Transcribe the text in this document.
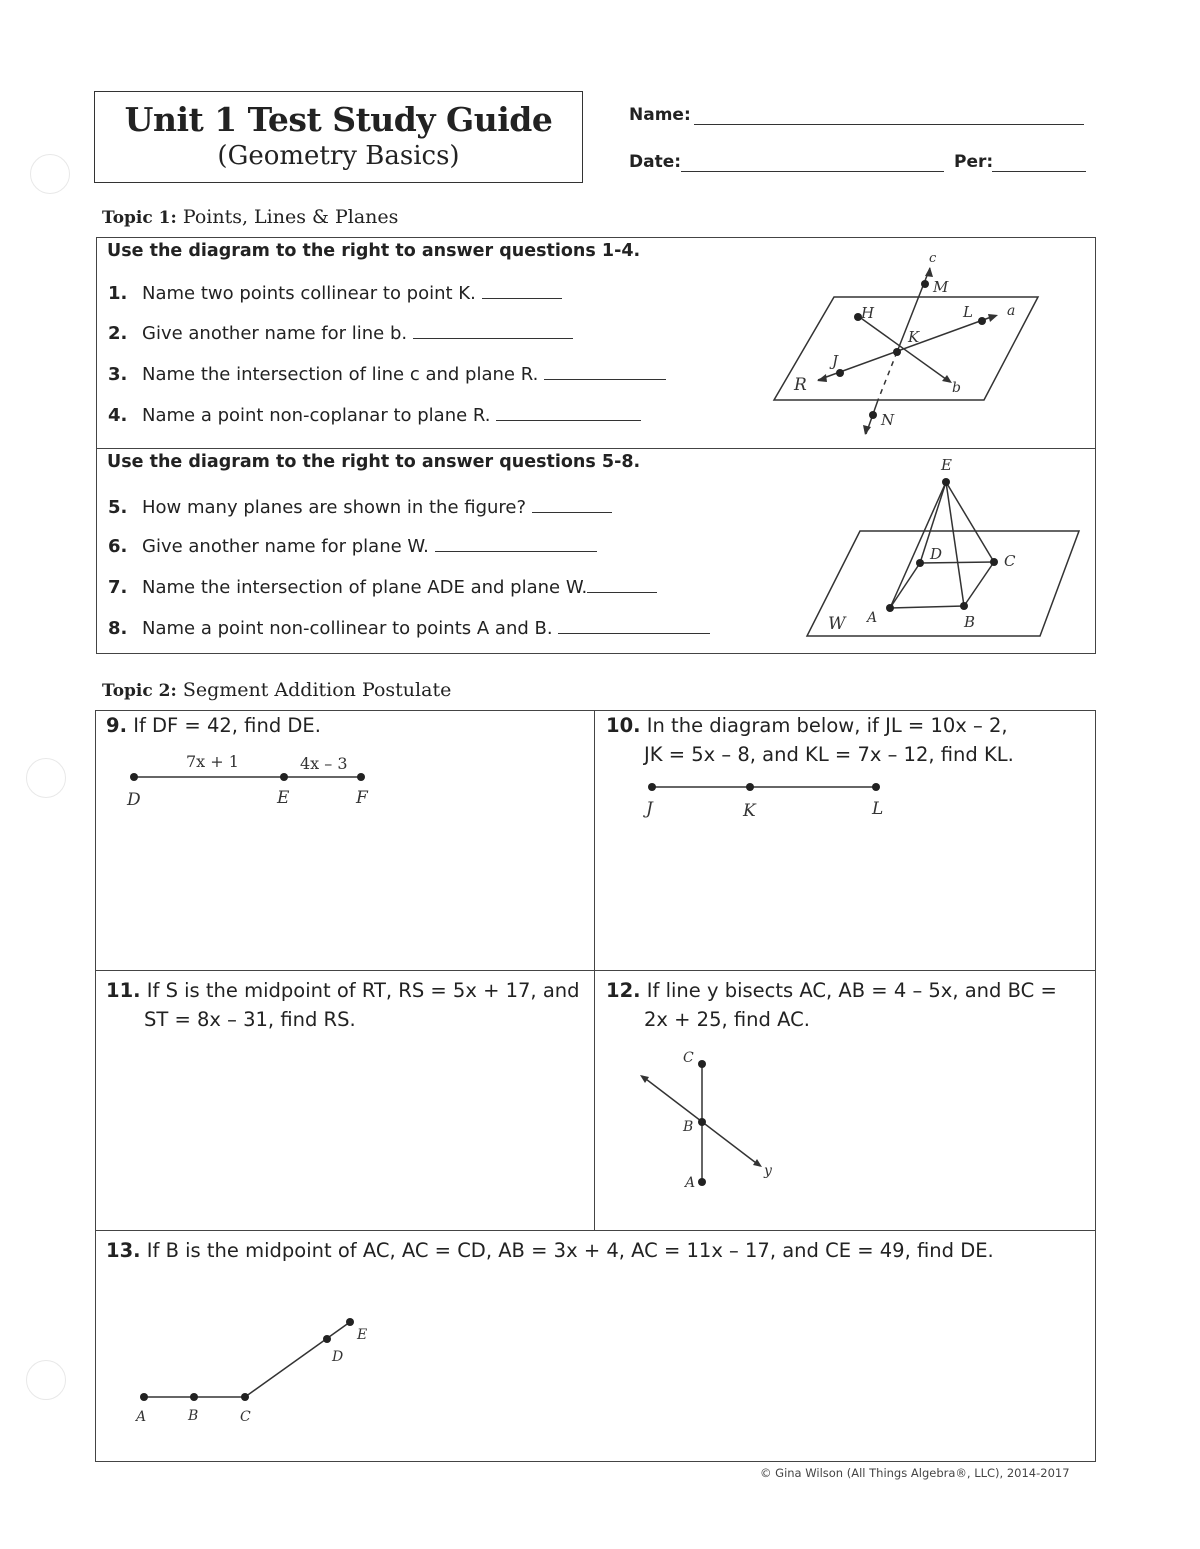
Unit 1 Test Study Guide
(Geometry Basics)
Name:
Date:	Per:
Topic 1: Points, Lines & Planes
Use the diagram to the right to answer questions 1-4.
1. Name two points collinear to point K.
2. Give another name for line b.
3. Name the intersection of line c and plane R.
4. Name a point non-coplanar to plane R.
c
M
H	L a
K
J
R	b
N
Use the diagram to the right to answer questions 5-8.
5. How many planes are shown in the figure?
6. Give another name for plane W.
7. Name the intersection of plane ADE and plane W.
8. Name a point non-collinear to points A and B.
E
D	C
W A	B
Topic 2: Segment Addition Postulate
9. If DF = 42, find DE.
7x + 1	4x – 3
D	E	F
10. In the diagram below, if JL = 10x – 2,
JK = 5x – 8, and KL = 7x – 12, find KL.
J	K	L
11. If S is the midpoint of RT, RS = 5x + 17, and
ST = 8x – 31, find RS.
12. If line y bisects AC, AB = 4 – 5x, and BC =
2x + 25, find AC.
C
B
A
y
13. If B is the midpoint of AC, AC = CD, AB = 3x + 4, AC = 11x – 17, and CE = 49, find DE.
A	B	C
D
E
© Gina Wilson (All Things Algebra®, LLC), 2014-2017
